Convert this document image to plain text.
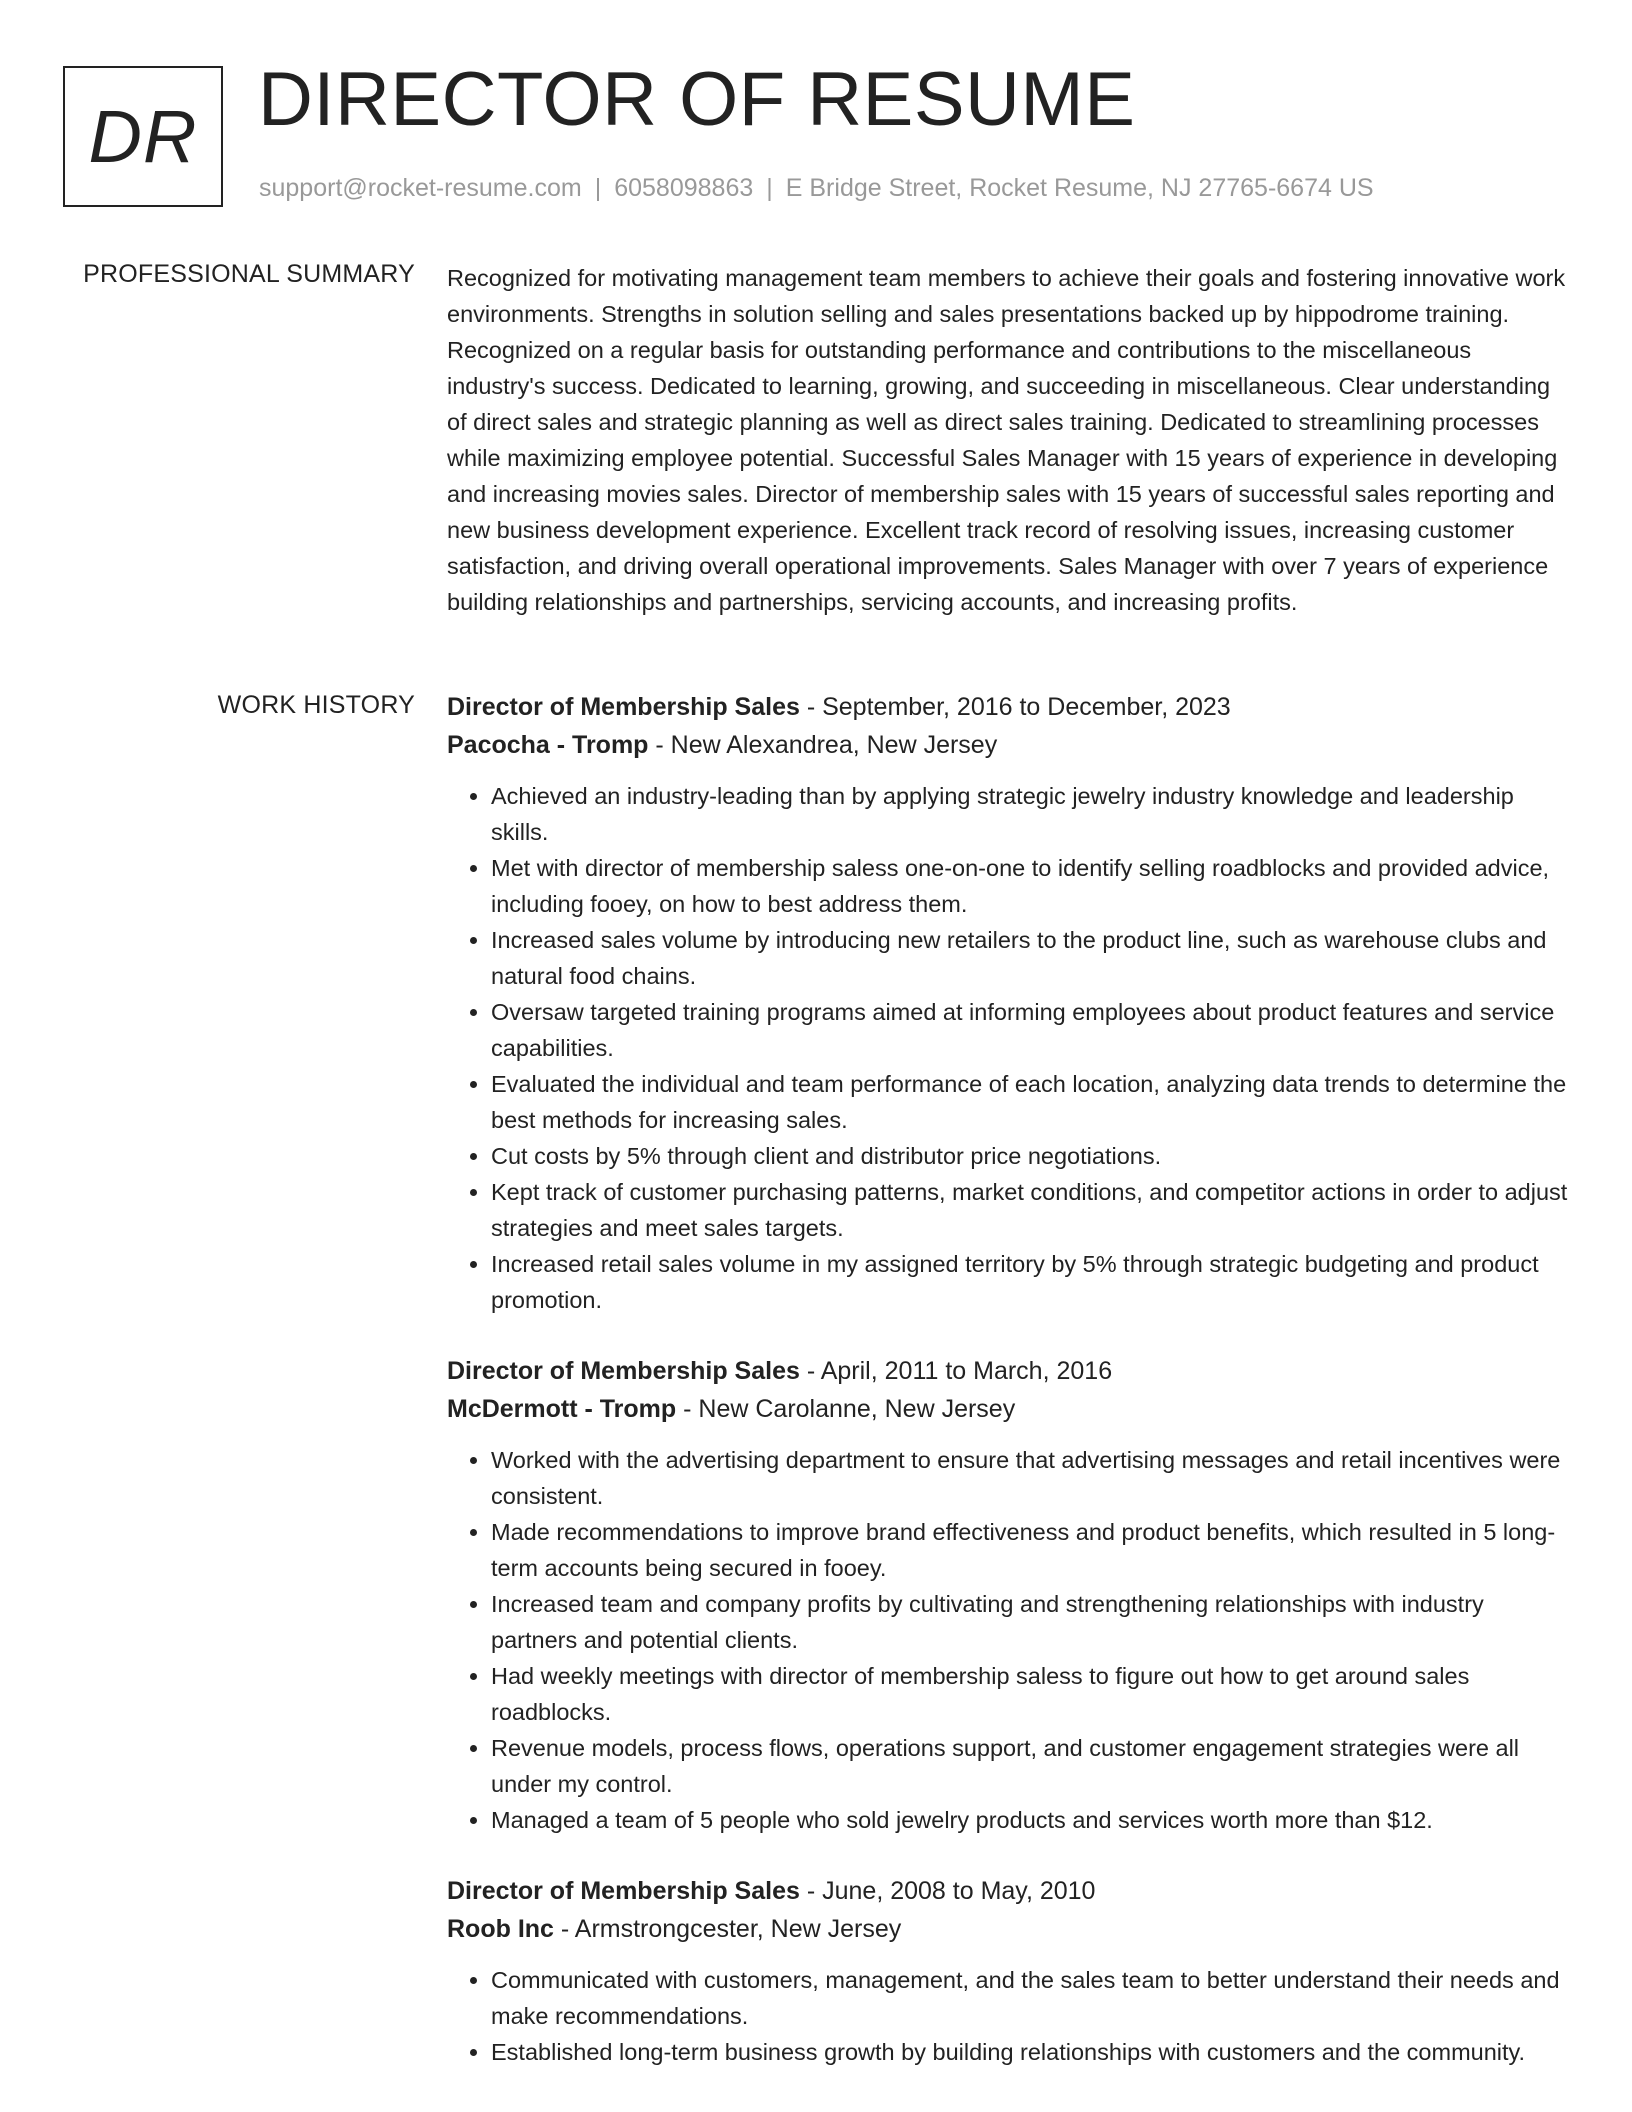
DR DIRECTOR OF RESUME
support@rocket-resume.com | 6058098863 | E Bridge Street, Rocket Resume, NJ 27765-6674 US
PROFESSIONAL SUMMARY Recognized for motivating management team members to achieve their goals and fostering innovative work environments. Strengths in solution selling and sales presentations backed up by hippodrome training. Recognized on a regular basis for outstanding performance and contributions to the miscellaneous industry's success. Dedicated to learning, growing, and succeeding in miscellaneous. Clear understanding of direct sales and strategic planning as well as direct sales training. Dedicated to streamlining processes while maximizing employee potential. Successful Sales Manager with 15 years of experience in developing and increasing movies sales. Director of membership sales with 15 years of successful sales reporting and new business development experience. Excellent track record of resolving issues, increasing customer satisfaction, and driving overall operational improvements. Sales Manager with over 7 years of experience building relationships and partnerships, servicing accounts, and increasing profits.

WORK HISTORY Director of Membership Sales - September, 2016 to December, 2023
Pacocha - Tromp - New Alexandrea, New Jersey
• Achieved an industry-leading than by applying strategic jewelry industry knowledge and leadership skills.
• Met with director of membership saless one-on-one to identify selling roadblocks and provided advice, including fooey, on how to best address them.
• Increased sales volume by introducing new retailers to the product line, such as warehouse clubs and natural food chains.
• Oversaw targeted training programs aimed at informing employees about product features and service capabilities.
• Evaluated the individual and team performance of each location, analyzing data trends to determine the best methods for increasing sales.
• Cut costs by 5% through client and distributor price negotiations.
• Kept track of customer purchasing patterns, market conditions, and competitor actions in order to adjust strategies and meet sales targets.
• Increased retail sales volume in my assigned territory by 5% through strategic budgeting and product promotion.
Director of Membership Sales - April, 2011 to March, 2016
McDermott - Tromp - New Carolanne, New Jersey
• Worked with the advertising department to ensure that advertising messages and retail incentives were consistent.
• Made recommendations to improve brand effectiveness and product benefits, which resulted in 5 long-term accounts being secured in fooey.
• Increased team and company profits by cultivating and strengthening relationships with industry partners and potential clients.
• Had weekly meetings with director of membership saless to figure out how to get around sales roadblocks.
• Revenue models, process flows, operations support, and customer engagement strategies were all under my control.
• Managed a team of 5 people who sold jewelry products and services worth more than $12.
Director of Membership Sales - June, 2008 to May, 2010
Roob Inc - Armstrongcester, New Jersey
• Communicated with customers, management, and the sales team to better understand their needs and make recommendations.
• Established long-term business growth by building relationships with customers and the community.
